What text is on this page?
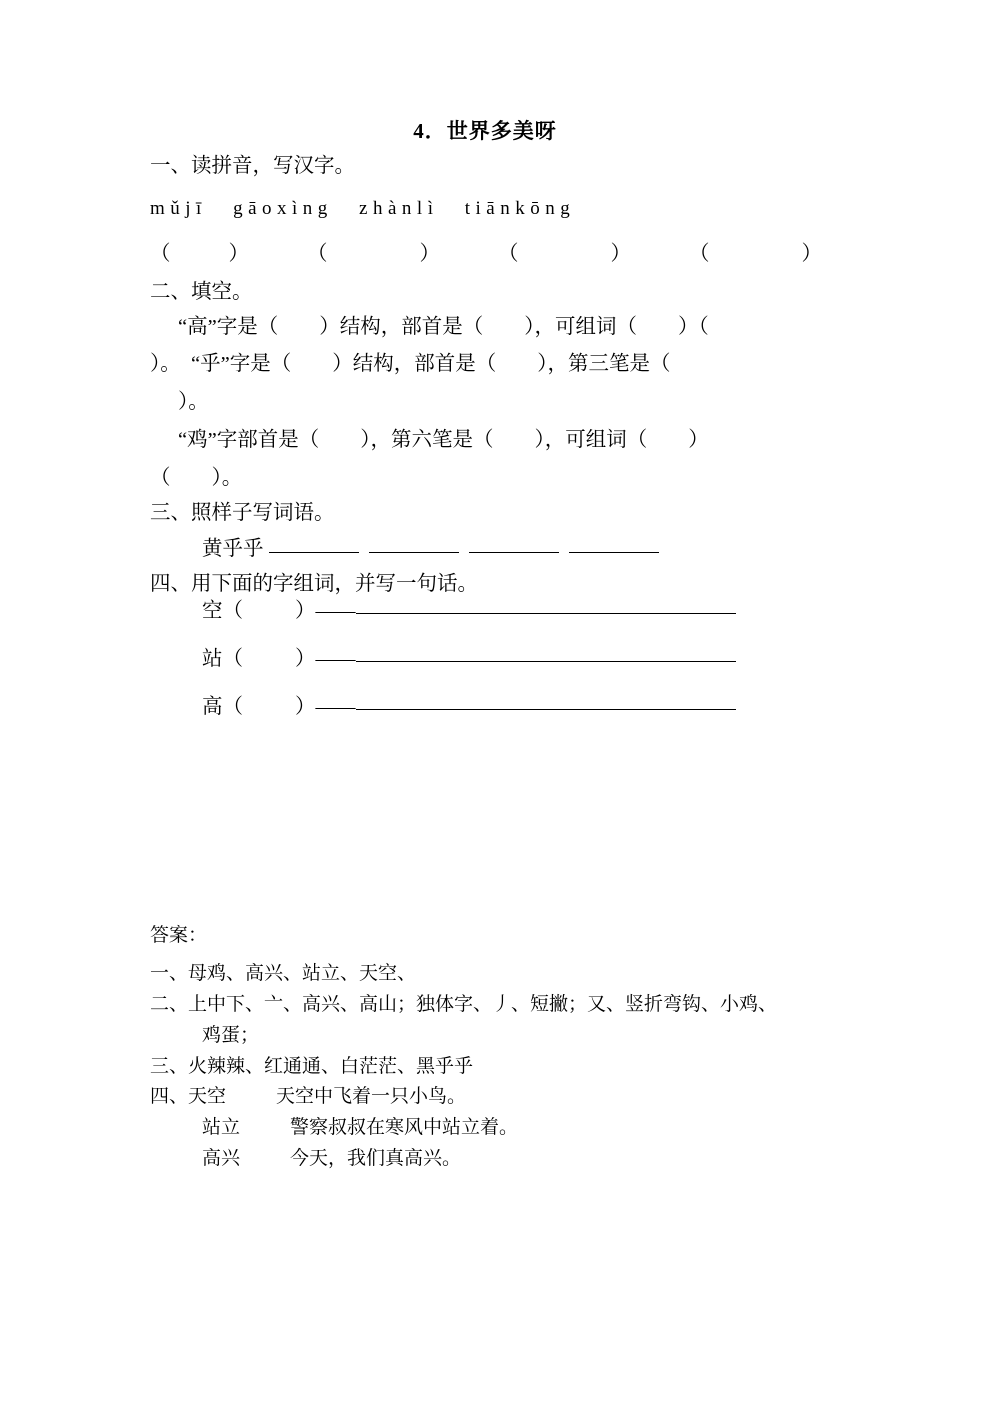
4．世界多美呀

一、读拼音，写汉字。

mǔjī gāoxìng zhànlì tiānkōng

（	）	（	）	（	）	（	）

二、填空。

“高”字是（　　）结构，部首是（　　），可组词（　　）（

）。　“乎”字是（　　）结构，部首是（　　），第三笔是（

）。

“鸡”字部首是（　　），第六笔是（　　），可组词（　　）

（　　）。

三、照样子写词语。

黄乎乎

四、用下面的字组词，并写一句话。

空（	）——

站（	）——

高（	）——

答案：

一、母鸡、高兴、站立、天空、

二、上中下、亠、高兴、高山；独体字、丿、短撇；又、竖折弯钩、小鸡、

鸡蛋；

三、火辣辣、红通通、白茫茫、黑乎乎

四、天空	天空中飞着一只小鸟。

站立	警察叔叔在寒风中站立着。

高兴	今天，我们真高兴。
